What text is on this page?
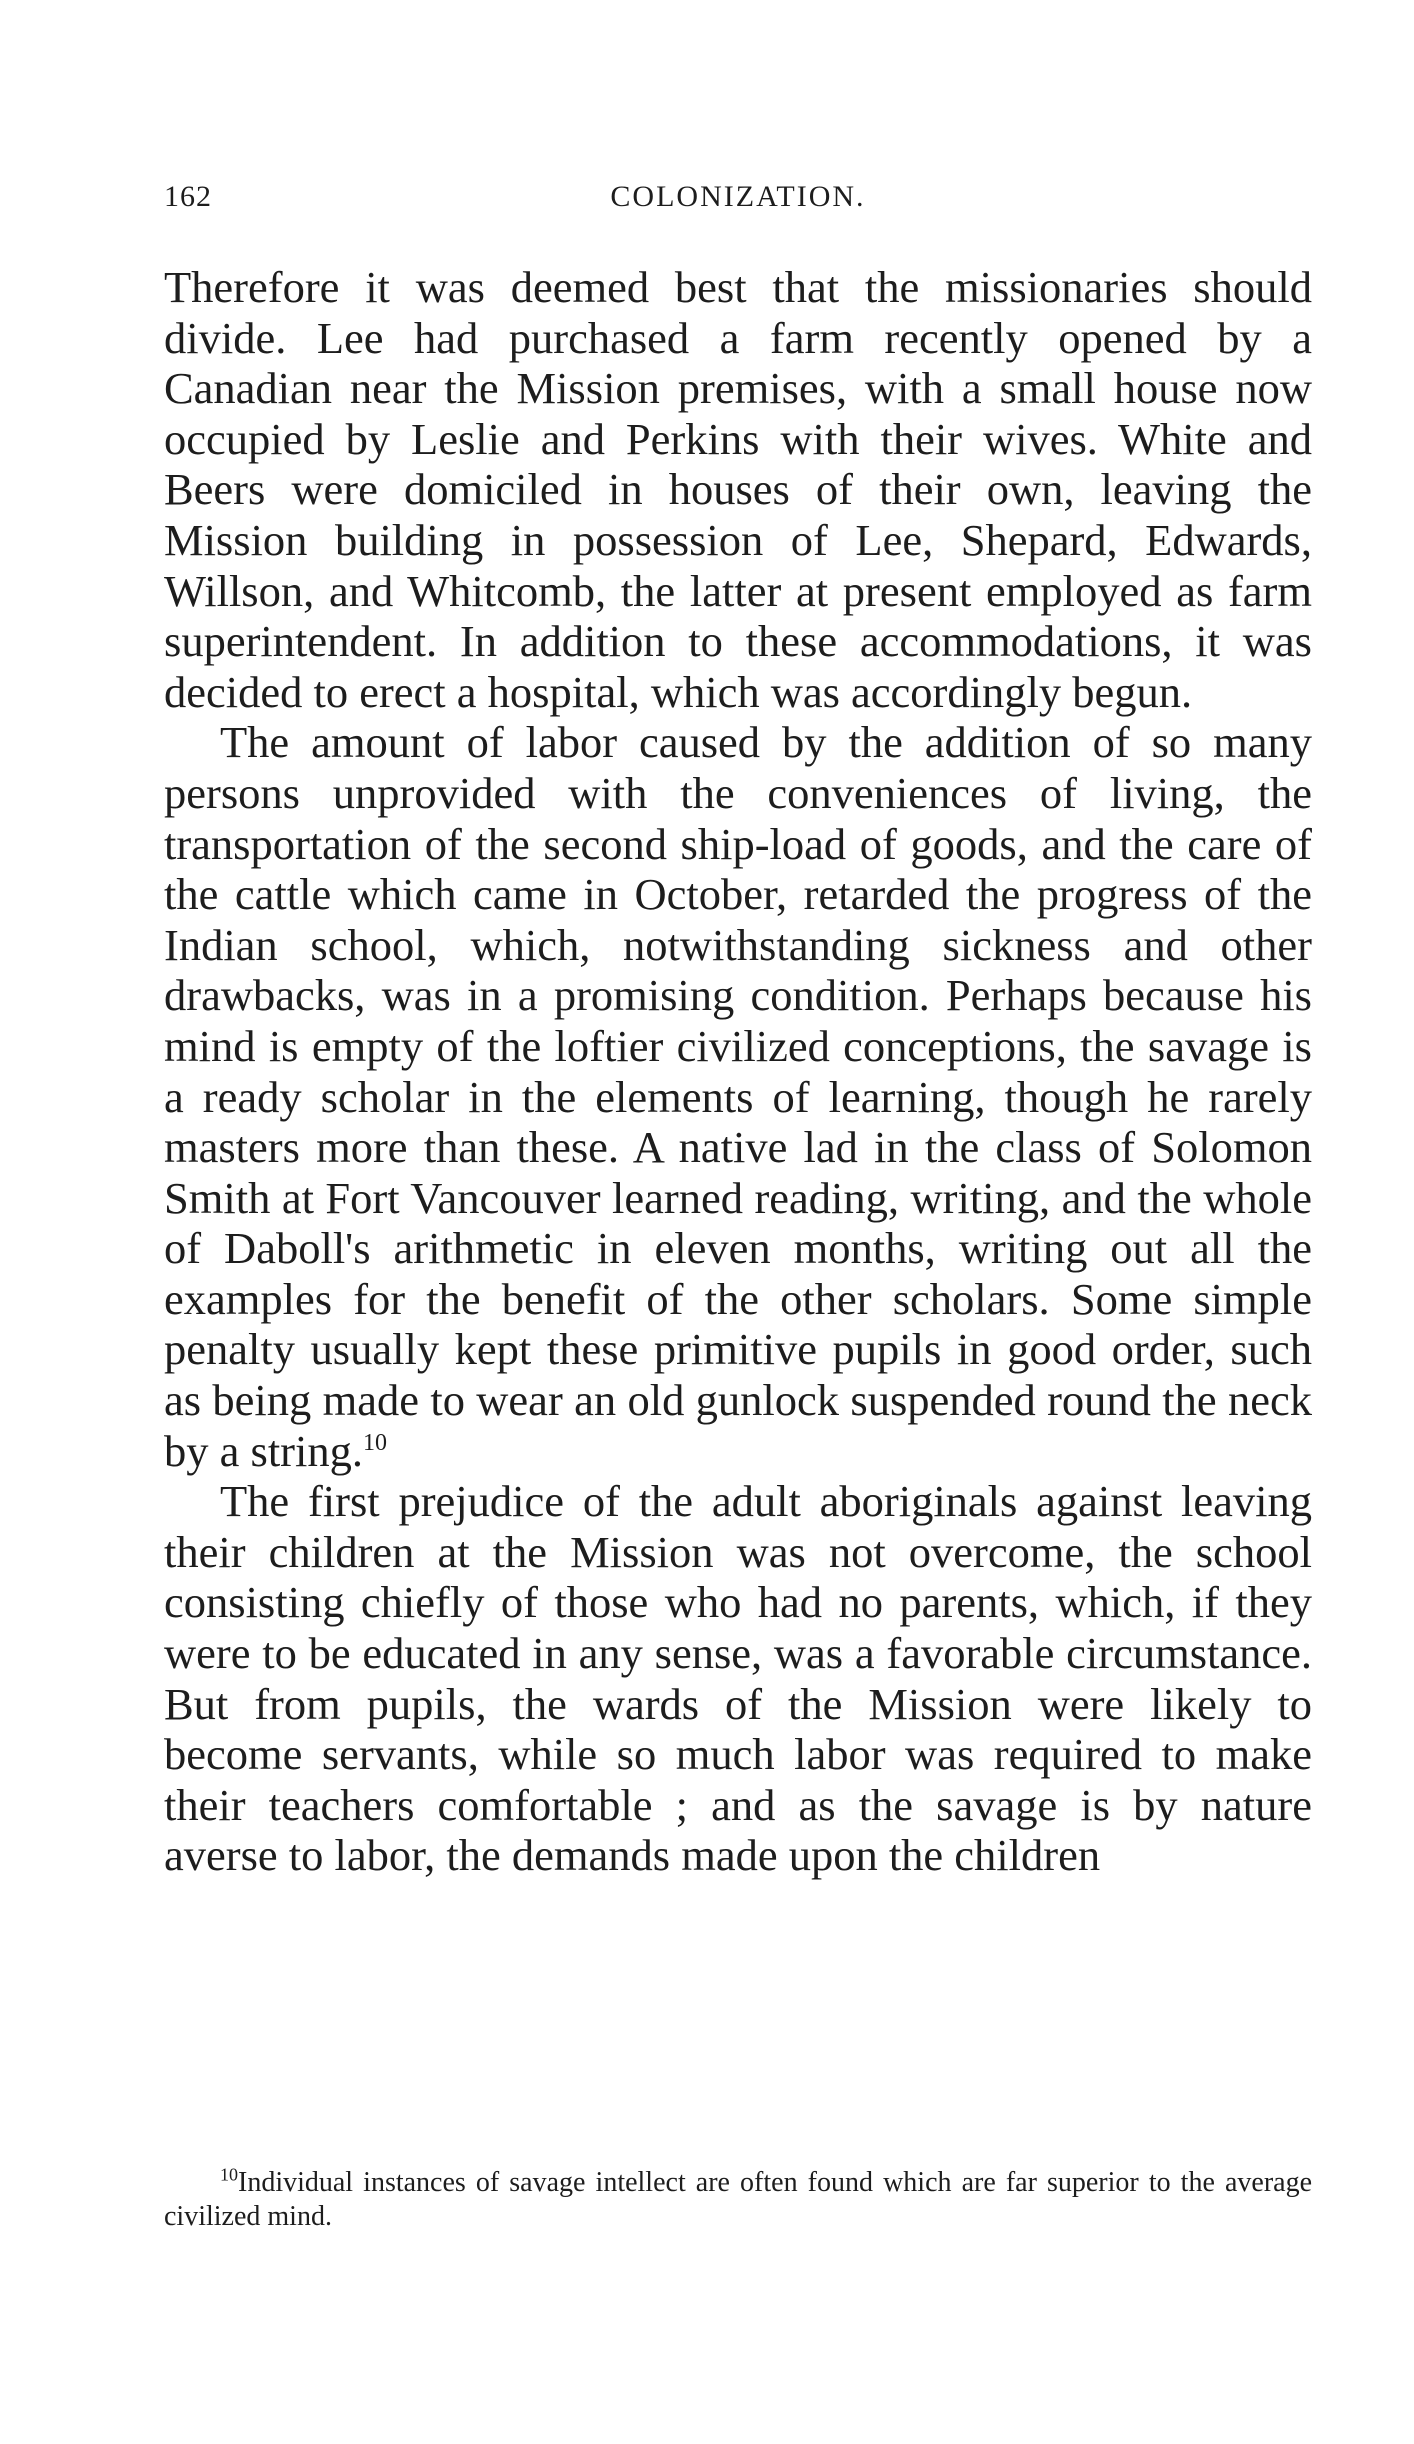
162	COLONIZATION.

Therefore it was deemed best that the missionaries should divide. Lee had purchased a farm recently opened by a Canadian near the Mission premises, with a small house now occupied by Leslie and Perkins with their wives. White and Beers were domiciled in houses of their own, leaving the Mission building in possession of Lee, Shepard, Edwards, Willson, and Whitcomb, the latter at present employed as farm superintendent. In addition to these accommodations, it was decided to erect a hospital, which was accordingly begun.

The amount of labor caused by the addition of so many persons unprovided with the conveniences of living, the transportation of the second ship-load of goods, and the care of the cattle which came in October, retarded the progress of the Indian school, which, notwithstanding sickness and other drawbacks, was in a promising condition. Perhaps because his mind is empty of the loftier civilized conceptions, the savage is a ready scholar in the elements of learning, though he rarely masters more than these. A native lad in the class of Solomon Smith at Fort Vancouver learned reading, writing, and the whole of Daboll's arithmetic in eleven months, writing out all the examples for the benefit of the other scholars. Some simple penalty usually kept these primitive pupils in good order, such as being made to wear an old gunlock suspended round the neck by a string.$^{10}$

The first prejudice of the adult aboriginals against leaving their children at the Mission was not overcome, the school consisting chiefly of those who had no parents, which, if they were to be educated in any sense, was a favorable circumstance. But from pupils, the wards of the Mission were likely to become servants, while so much labor was required to make their teachers comfortable ; and as the savage is by nature averse to labor, the demands made upon the children

$^{10}$Individual instances of savage intellect are often found which are far superior to the average civilized mind.
